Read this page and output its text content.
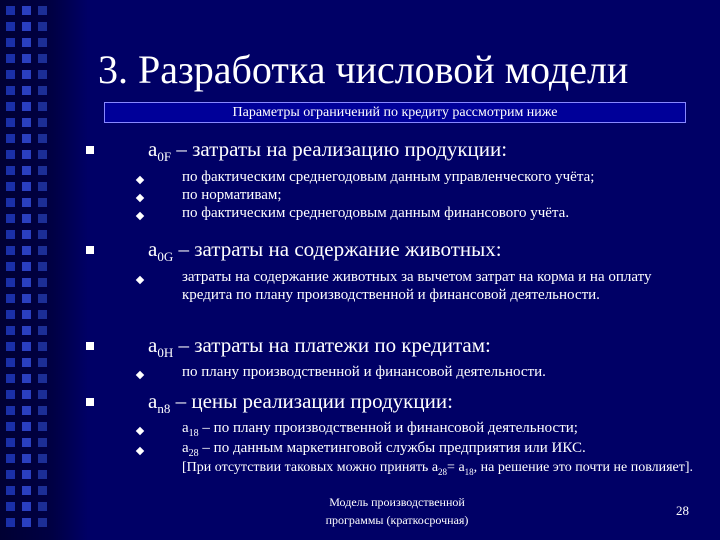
3. Разработка числовой модели
Параметры ограничений по кредиту рассмотрим ниже
$a_{0F}$ – затраты на реализацию продукции:
по фактическим среднегодовым данным управленческого учёта;
по нормативам;
по фактическим среднегодовым данным финансового учёта.
$a_{0G}$ – затраты на содержание животных:
затраты на содержание животных за вычетом затрат на корма и на оплату кредита по плану производственной и финансовой деятельности.
$a_{0H}$ – затраты на платежи по кредитам:
по плану производственной и финансовой деятельности.
$a_{n8}$ – цены реализации продукции:
$a_{18}$ – по плану производственной и финансовой деятельности;
$a_{28}$ – по данным маркетинговой службы предприятия или ИКС.
[При отсутствии таковых можно принять $a_{28}= a_{18}$, на решение это почти не повлияет].
Модель производственной
программы (краткосрочная)
28
